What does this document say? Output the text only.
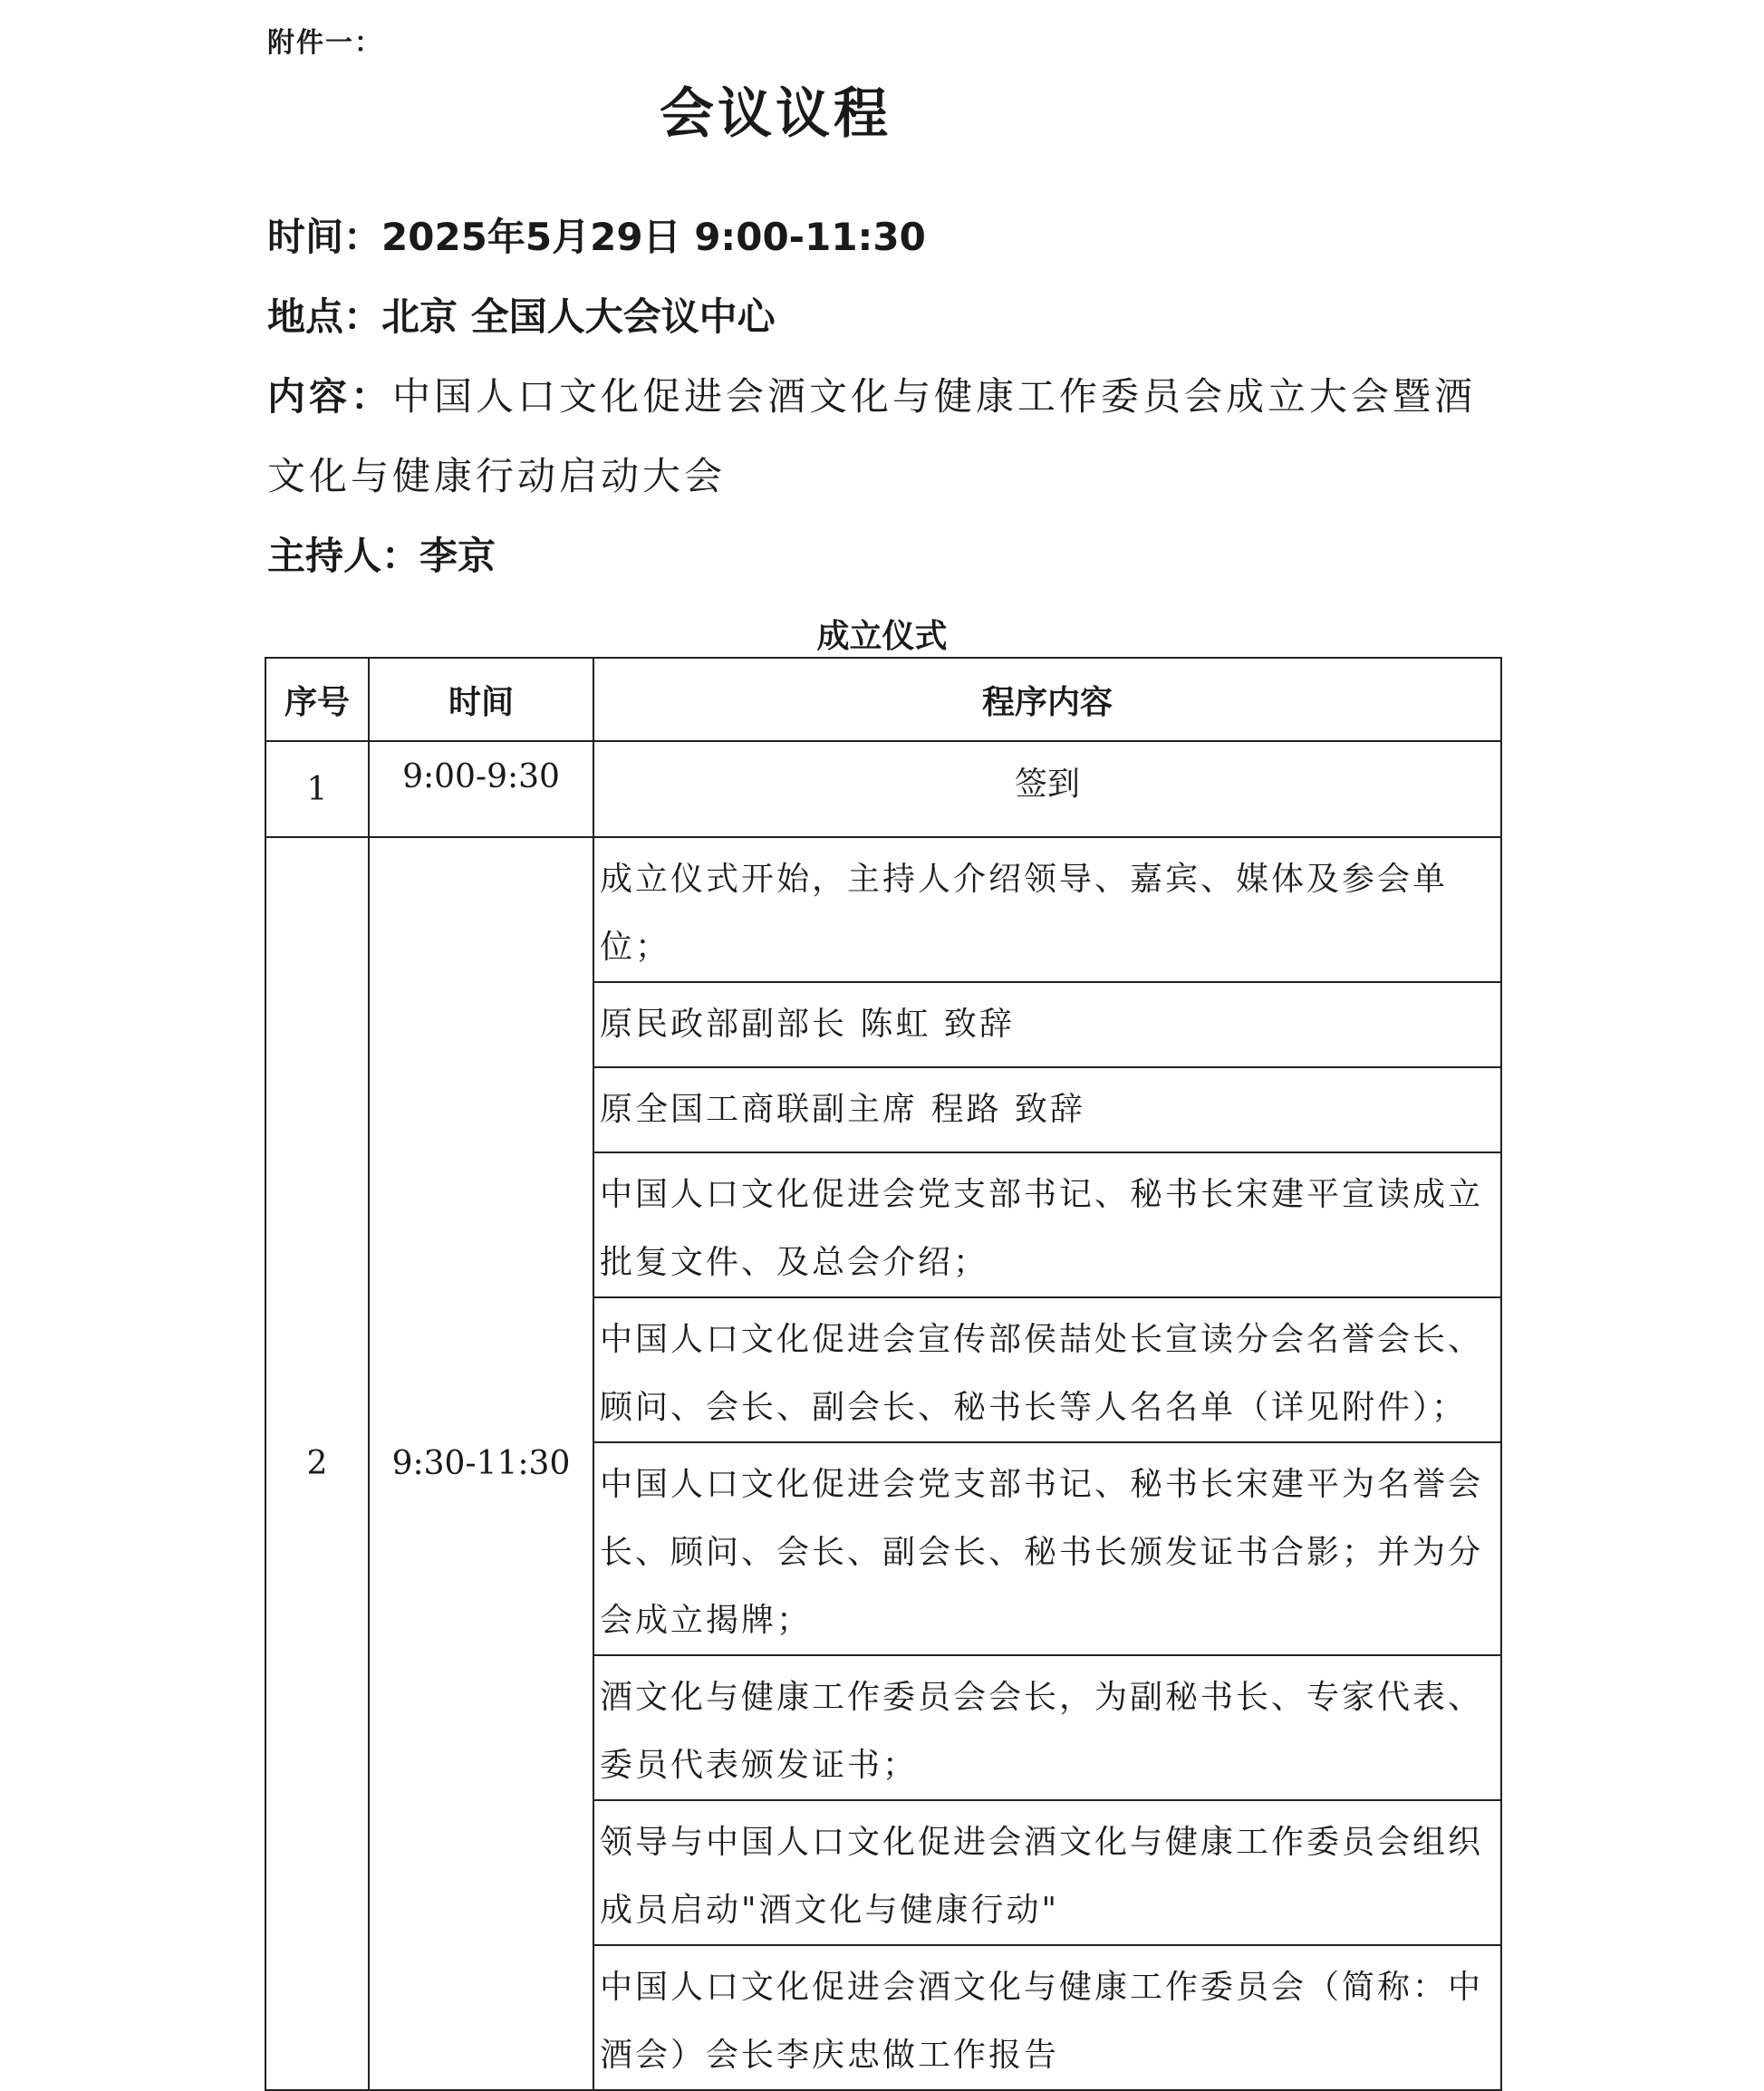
附件一：
会议议程
时间：2025年5月29日 9:00-11:30
地点：北京 全国人大会议中心
内容：中国人口文化促进会酒文化与健康工作委员会成立大会暨酒文化与健康行动启动大会
主持人：李京
成立仪式
序号	时间	程序内容
1	9:00-9:30	签到
2	9:30-11:30	成立仪式开始，主持人介绍领导、嘉宾、媒体及参会单位；
		原民政部副部长 陈虹 致辞
		原全国工商联副主席 程路 致辞
		中国人口文化促进会党支部书记、秘书长宋建平宣读成立批复文件、及总会介绍；
		中国人口文化促进会宣传部侯喆处长宣读分会名誉会长、顾问、会长、副会长、秘书长等人名名单（详见附件）；
		中国人口文化促进会党支部书记、秘书长宋建平为名誉会长、顾问、会长、副会长、秘书长颁发证书合影；并为分会成立揭牌；
		酒文化与健康工作委员会会长，为副秘书长、专家代表、委员代表颁发证书；
		领导与中国人口文化促进会酒文化与健康工作委员会组织成员启动"酒文化与健康行动"
		中国人口文化促进会酒文化与健康工作委员会（简称：中酒会）会长李庆忠做工作报告
